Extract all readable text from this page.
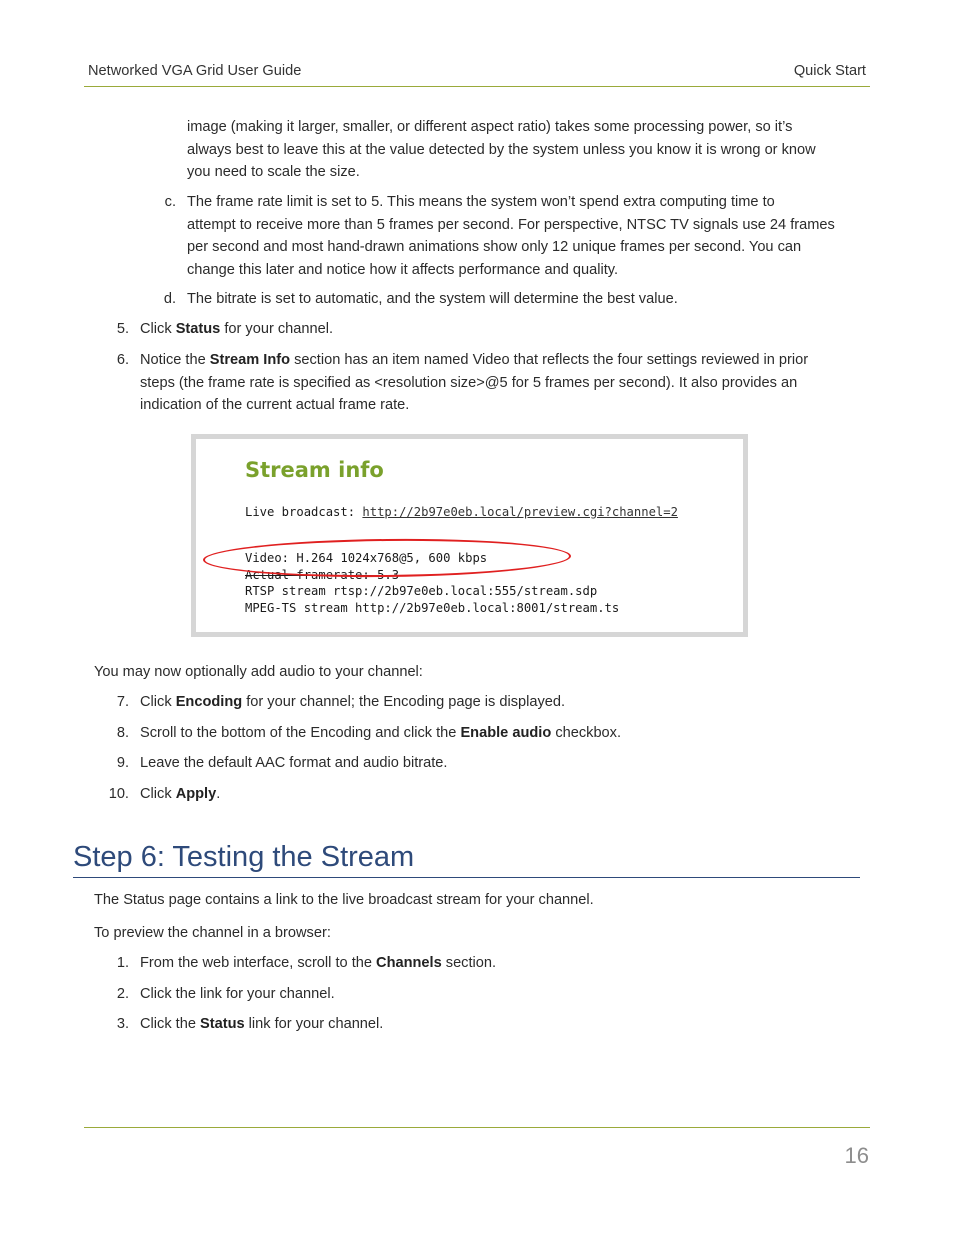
Networked VGA Grid User Guide	Quick Start
image (making it larger, smaller, or different aspect ratio) takes some processing power, so it’s
always best to leave this at the value detected by the system unless you know it is wrong or know
you need to scale the size.
c. The frame rate limit is set to 5. This means the system won’t spend extra computing time to
attempt to receive more than 5 frames per second. For perspective, NTSC TV signals use 24 frames
per second and most hand-drawn animations show only 12 unique frames per second. You can
change this later and notice how it affects performance and quality.
d. The bitrate is set to automatic, and the system will determine the best value.
5. Click Status for your channel.
6. Notice the Stream Info section has an item named Video that reflects the four settings reviewed in prior
steps (the frame rate is specified as <resolution size>@5 for 5 frames per second). It also provides an
indication of the current actual frame rate.
Stream info
Live broadcast: http://2b97e0eb.local/preview.cgi?channel=2
Video: H.264 1024x768@5, 600 kbps
Actual framerate: 5.3
RTSP stream rtsp://2b97e0eb.local:555/stream.sdp
MPEG-TS stream http://2b97e0eb.local:8001/stream.ts
You may now optionally add audio to your channel:
7. Click Encoding for your channel; the Encoding page is displayed.
8. Scroll to the bottom of the Encoding and click the Enable audio checkbox.
9. Leave the default AAC format and audio bitrate.
10. Click Apply.
Step 6: Testing the Stream
The Status page contains a link to the live broadcast stream for your channel.
To preview the channel in a browser:
1. From the web interface, scroll to the Channels section.
2. Click the link for your channel.
3. Click the Status link for your channel.
16
